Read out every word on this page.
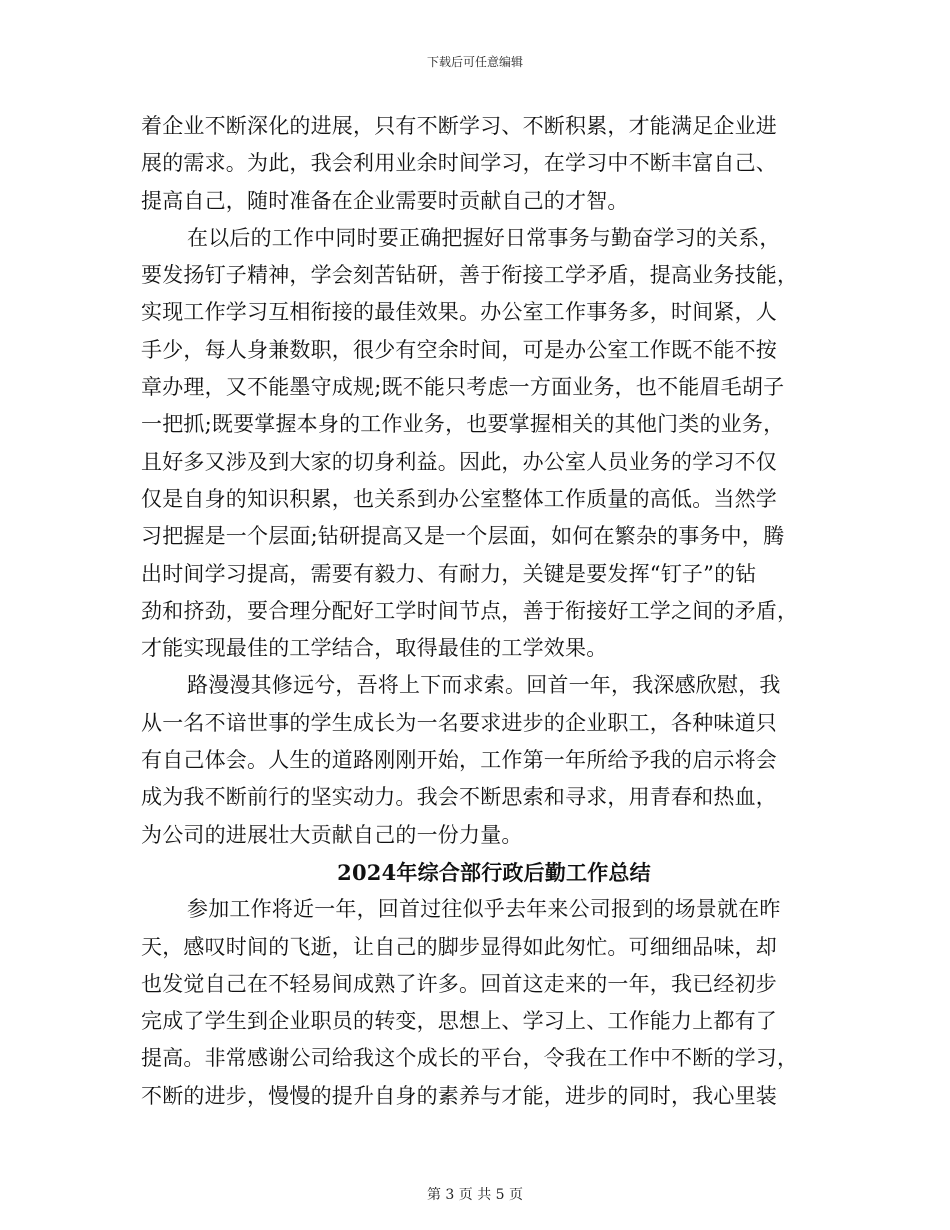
下载后可任意编辑
着企业不断深化的进展，只有不断学习、不断积累，才能满足企业进
展的需求。为此，我会利用业余时间学习，在学习中不断丰富自己、
提高自己，随时准备在企业需要时贡献自己的才智。
在以后的工作中同时要正确把握好日常事务与勤奋学习的关系，
要发扬钉子精神，学会刻苦钻研，善于衔接工学矛盾，提高业务技能，
实现工作学习互相衔接的最佳效果。办公室工作事务多，时间紧，人
手少，每人身兼数职，很少有空余时间，可是办公室工作既不能不按
章办理，又不能墨守成规;既不能只考虑一方面业务，也不能眉毛胡子
一把抓;既要掌握本身的工作业务，也要掌握相关的其他门类的业务，
且好多又涉及到大家的切身利益。因此，办公室人员业务的学习不仅
仅是自身的知识积累，也关系到办公室整体工作质量的高低。当然学
习把握是一个层面;钻研提高又是一个层面，如何在繁杂的事务中，腾
出时间学习提高，需要有毅力、有耐力，关键是要发挥“钉子”的钻
劲和挤劲，要合理分配好工学时间节点，善于衔接好工学之间的矛盾，
才能实现最佳的工学结合，取得最佳的工学效果。
路漫漫其修远兮，吾将上下而求索。回首一年，我深感欣慰，我
从一名不谙世事的学生成长为一名要求进步的企业职工，各种味道只
有自己体会。人生的道路刚刚开始，工作第一年所给予我的启示将会
成为我不断前行的坚实动力。我会不断思索和寻求，用青春和热血，
为公司的进展壮大贡献自己的一份力量。
2024年综合部行政后勤工作总结
参加工作将近一年，回首过往似乎去年来公司报到的场景就在昨
天，感叹时间的飞逝，让自己的脚步显得如此匆忙。可细细品味，却
也发觉自己在不轻易间成熟了许多。回首这走来的一年，我已经初步
完成了学生到企业职员的转变，思想上、学习上、工作能力上都有了
提高。非常感谢公司给我这个成长的平台，令我在工作中不断的学习，
不断的进步，慢慢的提升自身的素养与才能，进步的同时，我心里装
第 3 页 共 5 页
